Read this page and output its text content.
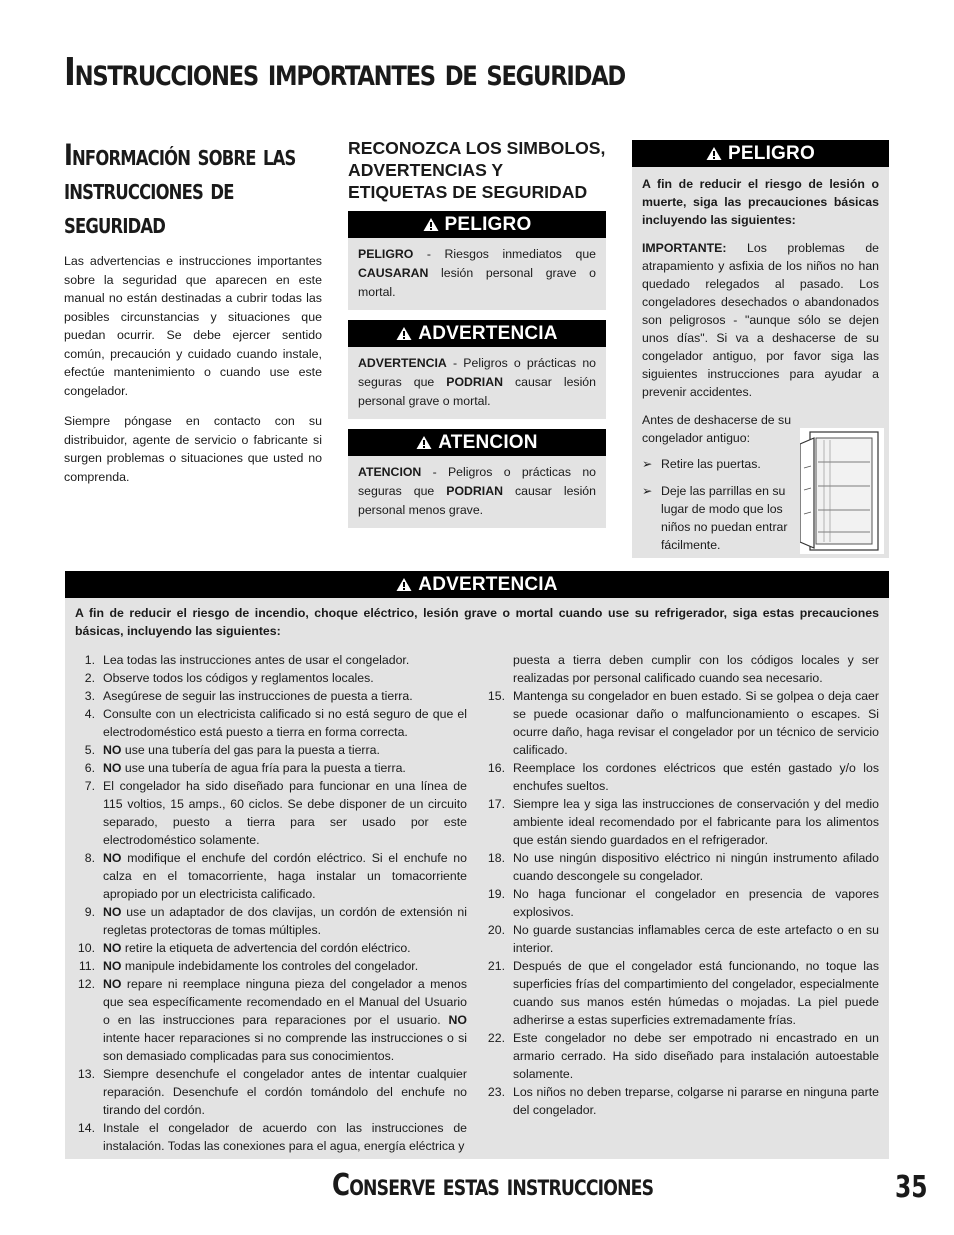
Instrucciones importantes de seguridad
Información sobre las instrucciones de seguridad

Las advertencias e instrucciones importantes sobre la seguridad que aparecen en este manual no están destinadas a cubrir todas las posibles circunstancias y situaciones que puedan ocurrir. Se debe ejercer sentido común, precaución y cuidado cuando instale, efectúe mantenimiento o cuando use este congelador.

Siempre póngase en contacto con su distribuidor, agente de servicio o fabricante si surgen problemas o situaciones que usted no comprenda.

RECONOZCA LOS SIMBOLOS, ADVERTENCIAS Y ETIQUETAS DE SEGURIDAD
PELIGRO

PELIGRO - Riesgos inmediatos que CAUSARAN lesión personal grave o mortal.

ADVERTENCIA

ADVERTENCIA - Peligros o prácticas no seguras que PODRIAN causar lesión personal grave o mortal.

ATENCION

ATENCION - Peligros o prácticas no seguras que PODRIAN causar lesión personal menos grave.

PELIGRO

A fin de reducir el riesgo de lesión o muerte, siga las precauciones básicas incluyendo las siguientes:

IMPORTANTE: Los problemas de atrapamiento y asfixia de los niños no han quedado relegados al pasado. Los congeladores desechados o abandonados son peligrosos - "aunque sólo se dejen unos días". Si va a deshacerse de su congelador antiguo, por favor siga las siguientes instrucciones para ayudar a prevenir accidentes.

Antes de deshacerse de su congelador antiguo:

➢ Retire las puertas.
➢ Deje las parrillas en su lugar de modo que los niños no puedan entrar fácilmente.
ADVERTENCIA
A fin de reducir el riesgo de incendio, choque eléctrico, lesión grave o mortal cuando use su refrigerador, siga estas precauciones básicas, incluyendo las siguientes:
1. Lea todas las instrucciones antes de usar el congelador.
2. Observe todos los códigos y reglamentos locales.
3. Asegúrese de seguir las instrucciones de puesta a tierra.
4. Consulte con un electricista calificado si no está seguro de que el electrodoméstico está puesto a tierra en forma correcta.
5. NO use una tubería del gas para la puesta a tierra.
6. NO use una tubería de agua fría para la puesta a tierra.
7. El congelador ha sido diseñado para funcionar en una línea de 115 voltios, 15 amps., 60 ciclos. Se debe disponer de un circuito separado, puesto a tierra para ser usado por este electrodoméstico solamente.
8. NO modifique el enchufe del cordón eléctrico. Si el enchufe no calza en el tomacorriente, haga instalar un tomacorriente apropiado por un electricista calificado.
9. NO use un adaptador de dos clavijas, un cordón de extensión ni regletas protectoras de tomas múltiples.
10. NO retire la etiqueta de advertencia del cordón eléctrico.
11. NO manipule indebidamente los controles del congelador.
12. NO repare ni reemplace ninguna pieza del congelador a menos que sea específicamente recomendado en el Manual del Usuario o en las instrucciones para reparaciones por el usuario. NO intente hacer reparaciones si no comprende las instrucciones o si son demasiado complicadas para sus conocimientos.
13. Siempre desenchufe el congelador antes de intentar cualquier reparación. Desenchufe el cordón tomándolo del enchufe no tirando del cordón.
14. Instale el congelador de acuerdo con las instrucciones de instalación. Todas las conexiones para el agua, energía eléctrica y
puesta a tierra deben cumplir con los códigos locales y ser realizadas por personal calificado cuando sea necesario.
15. Mantenga su congelador en buen estado. Si se golpea o deja caer se puede ocasionar daño o malfuncionamiento o escapes. Si ocurre daño, haga revisar el congelador por un técnico de servicio calificado.
16. Reemplace los cordones eléctricos que estén gastado y/o los enchufes sueltos.
17. Siempre lea y siga las instrucciones de conservación y del medio ambiente ideal recomendado por el fabricante para los alimentos que están siendo guardados en el refrigerador.
18. No use ningún dispositivo eléctrico ni ningún instrumento afilado cuando descongele su congelador.
19. No haga funcionar el congelador en presencia de vapores explosivos.
20. No guarde sustancias inflamables cerca de este artefacto o en su interior.
21. Después de que el congelador está funcionando, no toque las superficies frías del compartimiento del congelador, especialmente cuando sus manos estén húmedas o mojadas. La piel puede adherirse a estas superficies extremadamente frías.
22. Este congelador no debe ser empotrado ni encastrado en un armario cerrado. Ha sido diseñado para instalación autoestable solamente.
23. Los niños no deben treparse, colgarse ni pararse en ninguna parte del congelador.
Conserve estas instrucciones	35
